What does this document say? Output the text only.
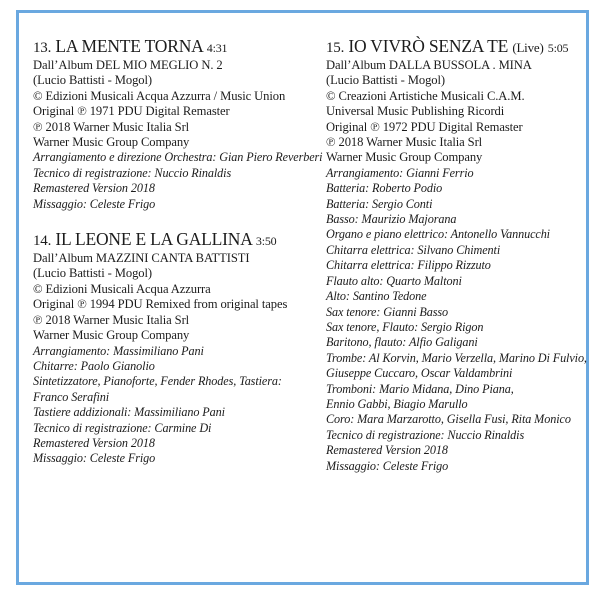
13. LA MENTE TORNA 4:31
Dall’Album DEL MIO MEGLIO N. 2
(Lucio Battisti - Mogol)
© Edizioni Musicali Acqua Azzurra / Music Union
Original ℗ 1971 PDU Digital Remaster
℗ 2018 Warner Music Italia Srl
Warner Music Group Company
Arrangiamento e direzione Orchestra: Gian Piero Reverberi
Tecnico di registrazione: Nuccio Rinaldis
Remastered Version 2018
Missaggio: Celeste Frigo
14. IL LEONE E LA GALLINA 3:50
Dall’Album MAZZINI CANTA BATTISTI
(Lucio Battisti - Mogol)
© Edizioni Musicali Acqua Azzurra
Original ℗ 1994 PDU Remixed from original tapes
℗ 2018 Warner Music Italia Srl
Warner Music Group Company
Arrangiamento: Massimiliano Pani
Chitarre: Paolo Gianolio
Sintetizzatore, Pianoforte, Fender Rhodes, Tastiera:
Franco Serafini
Tastiere addizionali: Massimiliano Pani
Tecnico di registrazione: Carmine Di
Remastered Version 2018
Missaggio: Celeste Frigo
15. IO VIVRÒ SENZA TE (Live) 5:05
Dall’Album DALLA BUSSOLA . MINA
(Lucio Battisti - Mogol)
© Creazioni Artistiche Musicali C.A.M.
Universal Music Publishing Ricordi
Original ℗ 1972 PDU Digital Remaster
℗ 2018 Warner Music Italia Srl
Warner Music Group Company
Arrangiamento: Gianni Ferrio
Batteria: Roberto Podio
Batteria: Sergio Conti
Basso: Maurizio Majorana
Organo e piano elettrico: Antonello Vannucchi
Chitarra elettrica: Silvano Chimenti
Chitarra elettrica: Filippo Rizzuto
Flauto alto: Quarto Maltoni
Alto: Santino Tedone
Sax tenore: Gianni Basso
Sax tenore, Flauto: Sergio Rigon
Baritono, flauto: Alfio Galigani
Trombe: Al Korvin, Mario Verzella, Marino Di Fulvio,
Giuseppe Cuccaro, Oscar Valdambrini
Tromboni: Mario Midana, Dino Piana,
Ennio Gabbi, Biagio Marullo
Coro: Mara Marzarotto, Gisella Fusi, Rita Monico
Tecnico di registrazione: Nuccio Rinaldis
Remastered Version 2018
Missaggio: Celeste Frigo
